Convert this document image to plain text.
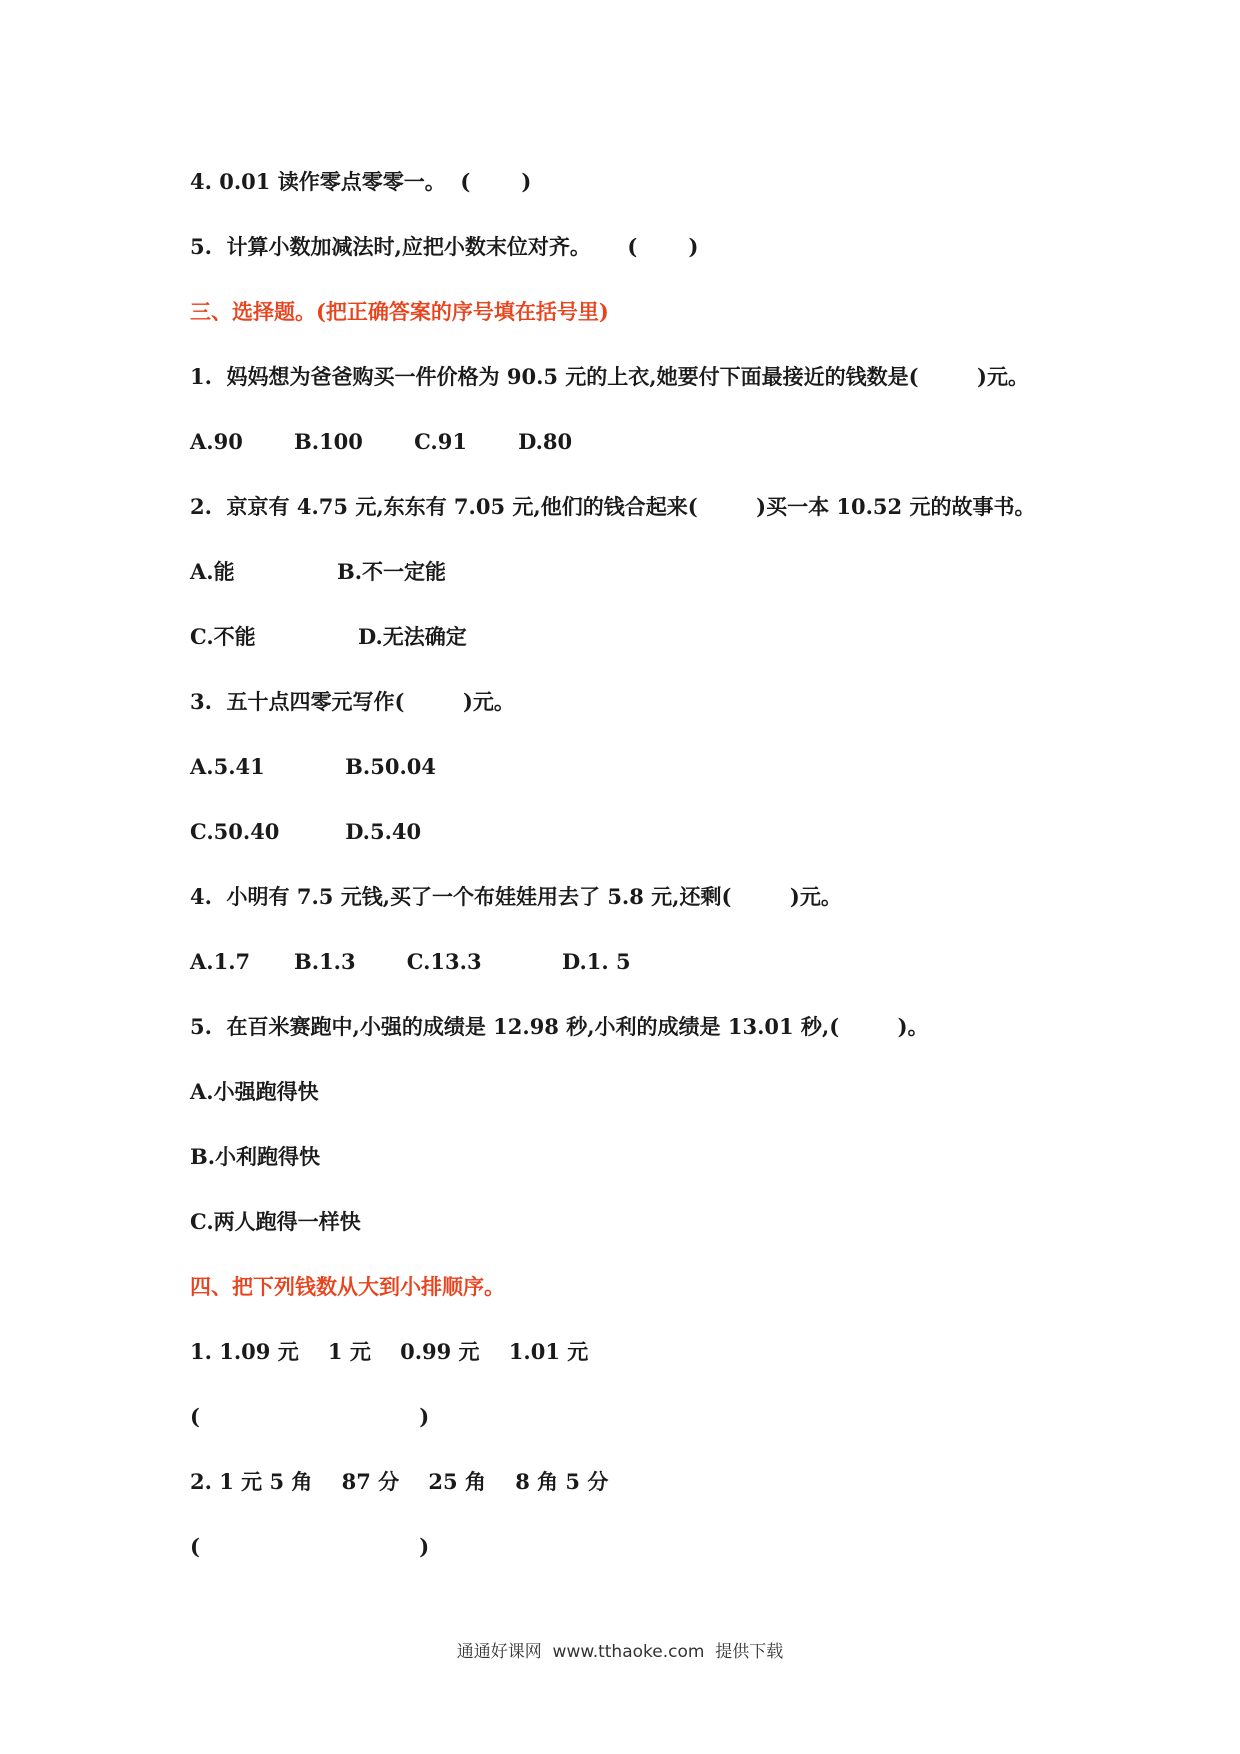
4. 0.01 读作零点零零一。  (       )
5.  计算小数加减法时,应把小数末位对齐。     (       )
三、选择题。(把正确答案的序号填在括号里)
1.  妈妈想为爸爸购买一件价格为 90.5 元的上衣,她要付下面最接近的钱数是(        )元。
A.90       B.100       C.91       D.80
2.  京京有 4.75 元,东东有 7.05 元,他们的钱合起来(        )买一本 10.52 元的故事书。
A.能              B.不一定能
C.不能              D.无法确定
3.  五十点四零元写作(        )元。
A.5.41           B.50.04
C.50.40         D.5.40
4.  小明有 7.5 元钱,买了一个布娃娃用去了 5.8 元,还剩(        )元。
A.1.7      B.1.3       C.13.3           D.1. 5
5.  在百米赛跑中,小强的成绩是 12.98 秒,小利的成绩是 13.01 秒,(        )。
A.小强跑得快
B.小利跑得快
C.两人跑得一样快
四、把下列钱数从大到小排顺序。
1. 1.09 元    1 元    0.99 元    1.01 元
(                              )
2. 1 元 5 角    87 分    25 角    8 角 5 分
(                              )
通通好课网  www.tthaoke.com  提供下载
